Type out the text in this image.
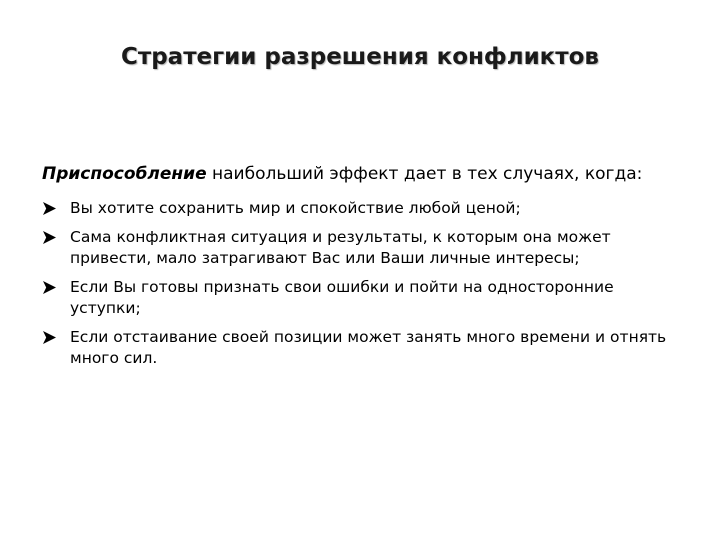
Стратегии разрешения конфликтов

Приспособление наибольший эффект дает в тех случаях, когда:

Вы хотите сохранить мир и спокойствие любой ценой;
Сама конфликтная ситуация и результаты, к которым она может привести, мало затрагивают Вас или Ваши личные интересы;
Если Вы готовы признать свои ошибки и пойти на односторонние уступки;
Если отстаивание своей позиции может занять много времени и отнять много сил.
